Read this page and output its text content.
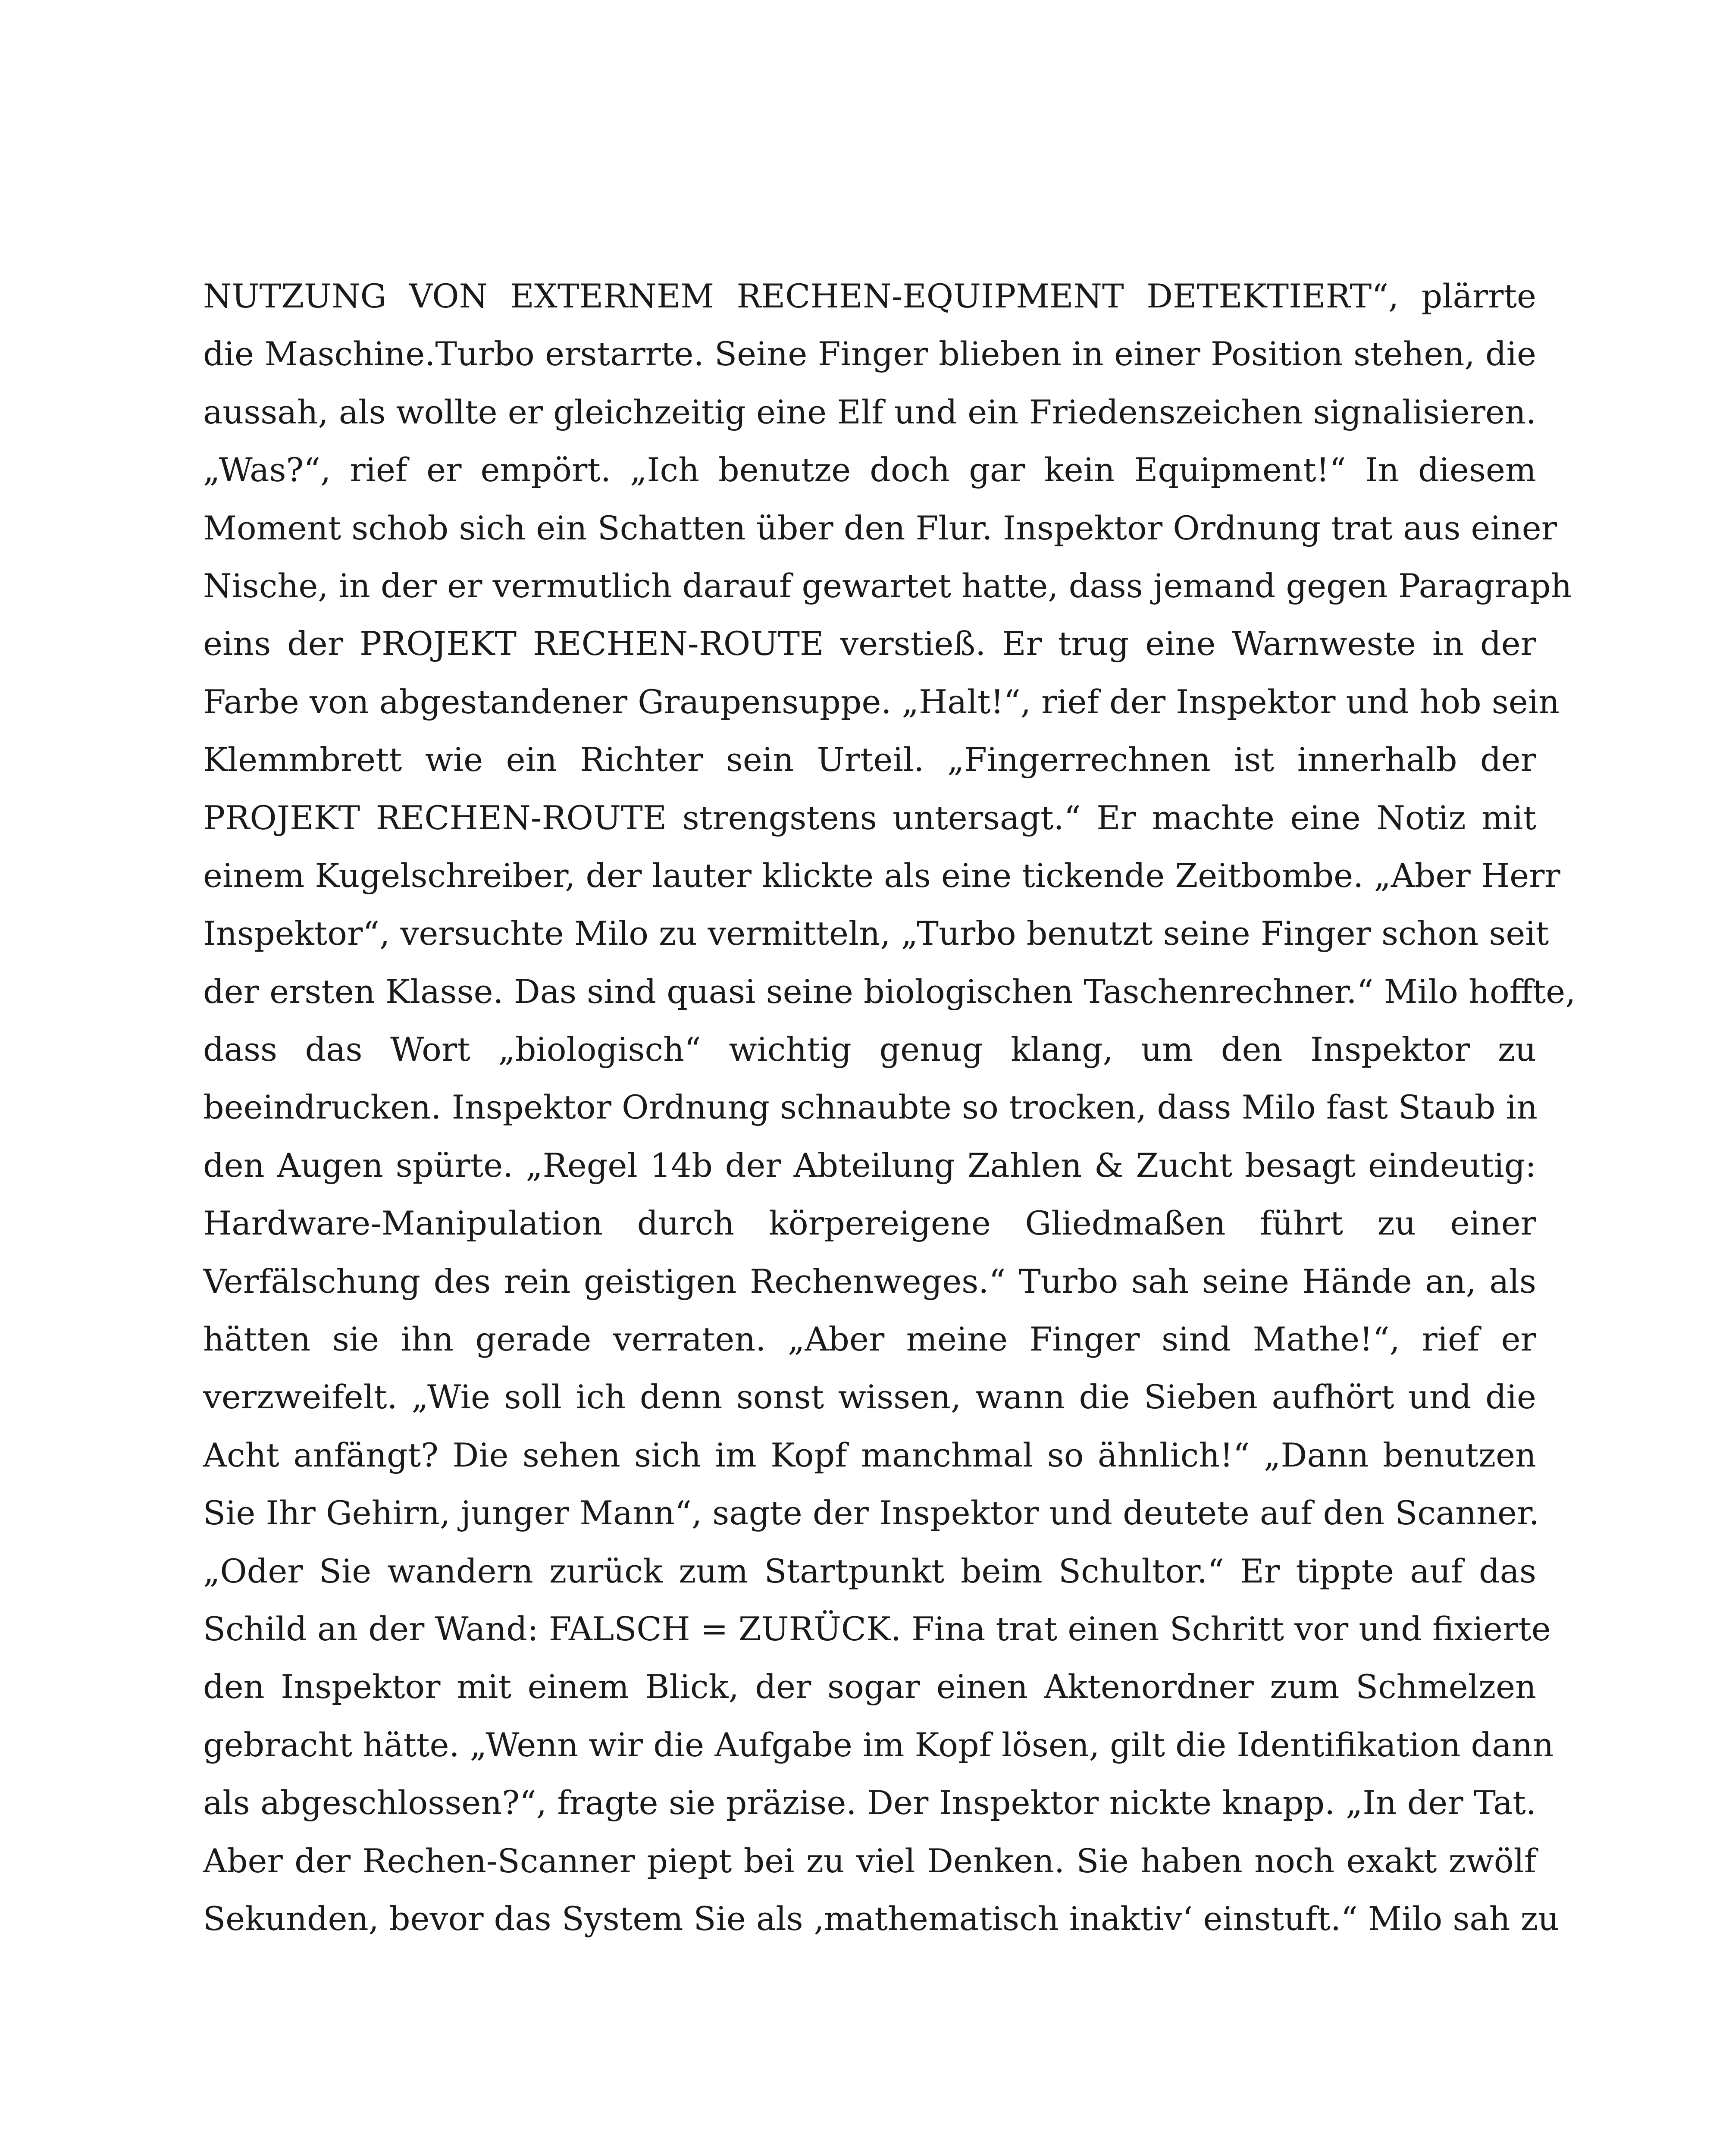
NUTZUNG VON EXTERNEM RECHEN-EQUIPMENT DETEKTIERT“, plärrte
die Maschine.Turbo erstarrte. Seine Finger blieben in einer Position stehen, die
aussah, als wollte er gleichzeitig eine Elf und ein Friedenszeichen signalisieren.
„Was?“, rief er empört. „Ich benutze doch gar kein Equipment!“ In diesem
Moment schob sich ein Schatten über den Flur. Inspektor Ordnung trat aus einer
Nische, in der er vermutlich darauf gewartet hatte, dass jemand gegen Paragraph
eins der PROJEKT RECHEN-ROUTE verstieß. Er trug eine Warnweste in der
Farbe von abgestandener Graupensuppe. „Halt!“, rief der Inspektor und hob sein
Klemmbrett wie ein Richter sein Urteil. „Fingerrechnen ist innerhalb der
PROJEKT RECHEN-ROUTE strengstens untersagt.“ Er machte eine Notiz mit
einem Kugelschreiber, der lauter klickte als eine tickende Zeitbombe. „Aber Herr
Inspektor“, versuchte Milo zu vermitteln, „Turbo benutzt seine Finger schon seit
der ersten Klasse. Das sind quasi seine biologischen Taschenrechner.“ Milo hoffte,
dass das Wort „biologisch“ wichtig genug klang, um den Inspektor zu
beeindrucken. Inspektor Ordnung schnaubte so trocken, dass Milo fast Staub in
den Augen spürte. „Regel 14b der Abteilung Zahlen & Zucht besagt eindeutig:
Hardware-Manipulation durch körpereigene Gliedmaßen führt zu einer
Verfälschung des rein geistigen Rechenweges.“ Turbo sah seine Hände an, als
hätten sie ihn gerade verraten. „Aber meine Finger sind Mathe!“, rief er
verzweifelt. „Wie soll ich denn sonst wissen, wann die Sieben aufhört und die
Acht anfängt? Die sehen sich im Kopf manchmal so ähnlich!“ „Dann benutzen
Sie Ihr Gehirn, junger Mann“, sagte der Inspektor und deutete auf den Scanner.
„Oder Sie wandern zurück zum Startpunkt beim Schultor.“ Er tippte auf das
Schild an der Wand: FALSCH = ZURÜCK. Fina trat einen Schritt vor und fixierte
den Inspektor mit einem Blick, der sogar einen Aktenordner zum Schmelzen
gebracht hätte. „Wenn wir die Aufgabe im Kopf lösen, gilt die Identifikation dann
als abgeschlossen?“, fragte sie präzise. Der Inspektor nickte knapp. „In der Tat.
Aber der Rechen-Scanner piept bei zu viel Denken. Sie haben noch exakt zwölf
Sekunden, bevor das System Sie als ‚mathematisch inaktiv‘ einstuft.“ Milo sah zu
